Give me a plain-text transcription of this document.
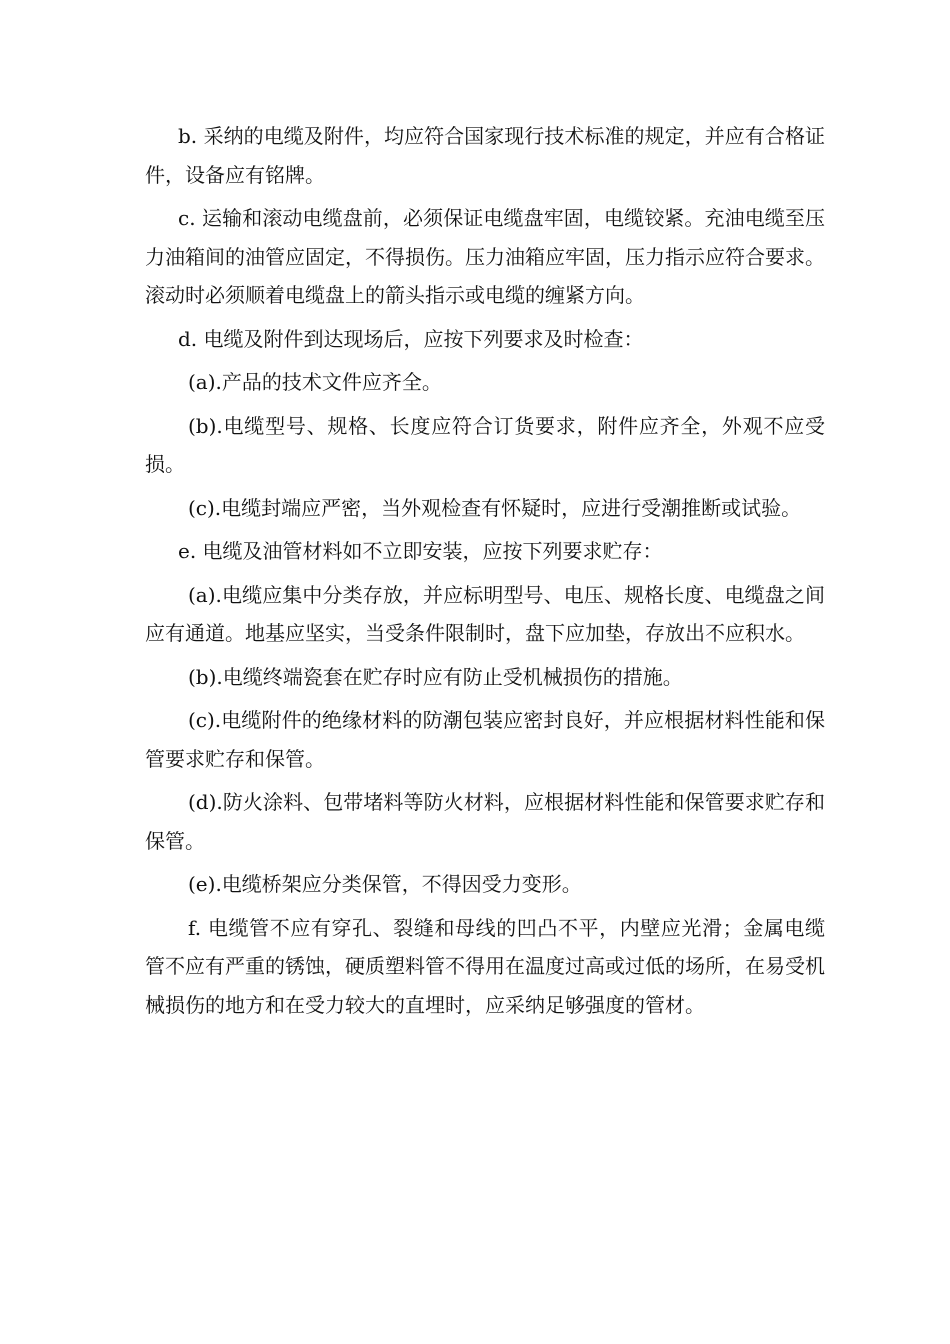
b. 采纳的电缆及附件，均应符合国家现行技术标准的规定，并应有合格证件，设备应有铭牌。

c. 运输和滚动电缆盘前，必须保证电缆盘牢固，电缆铰紧。充油电缆至压力油箱间的油管应固定，不得损伤。压力油箱应牢固，压力指示应符合要求。滚动时必须顺着电缆盘上的箭头指示或电缆的缠紧方向。

d. 电缆及附件到达现场后，应按下列要求及时检查：

(a).产品的技术文件应齐全。

(b).电缆型号、规格、长度应符合订货要求，附件应齐全，外观不应受损。

(c).电缆封端应严密，当外观检查有怀疑时，应进行受潮推断或试验。

e. 电缆及油管材料如不立即安装，应按下列要求贮存：

(a).电缆应集中分类存放，并应标明型号、电压、规格长度、电缆盘之间应有通道。地基应坚实，当受条件限制时，盘下应加垫，存放出不应积水。

(b).电缆终端瓷套在贮存时应有防止受机械损伤的措施。

(c).电缆附件的绝缘材料的防潮包装应密封良好，并应根据材料性能和保管要求贮存和保管。

(d).防火涂料、包带堵料等防火材料，应根据材料性能和保管要求贮存和保管。

(e).电缆桥架应分类保管，不得因受力变形。

f. 电缆管不应有穿孔、裂缝和母线的凹凸不平，内壁应光滑；金属电缆管不应有严重的锈蚀，硬质塑料管不得用在温度过高或过低的场所，在易受机械损伤的地方和在受力较大的直埋时，应采纳足够强度的管材。
